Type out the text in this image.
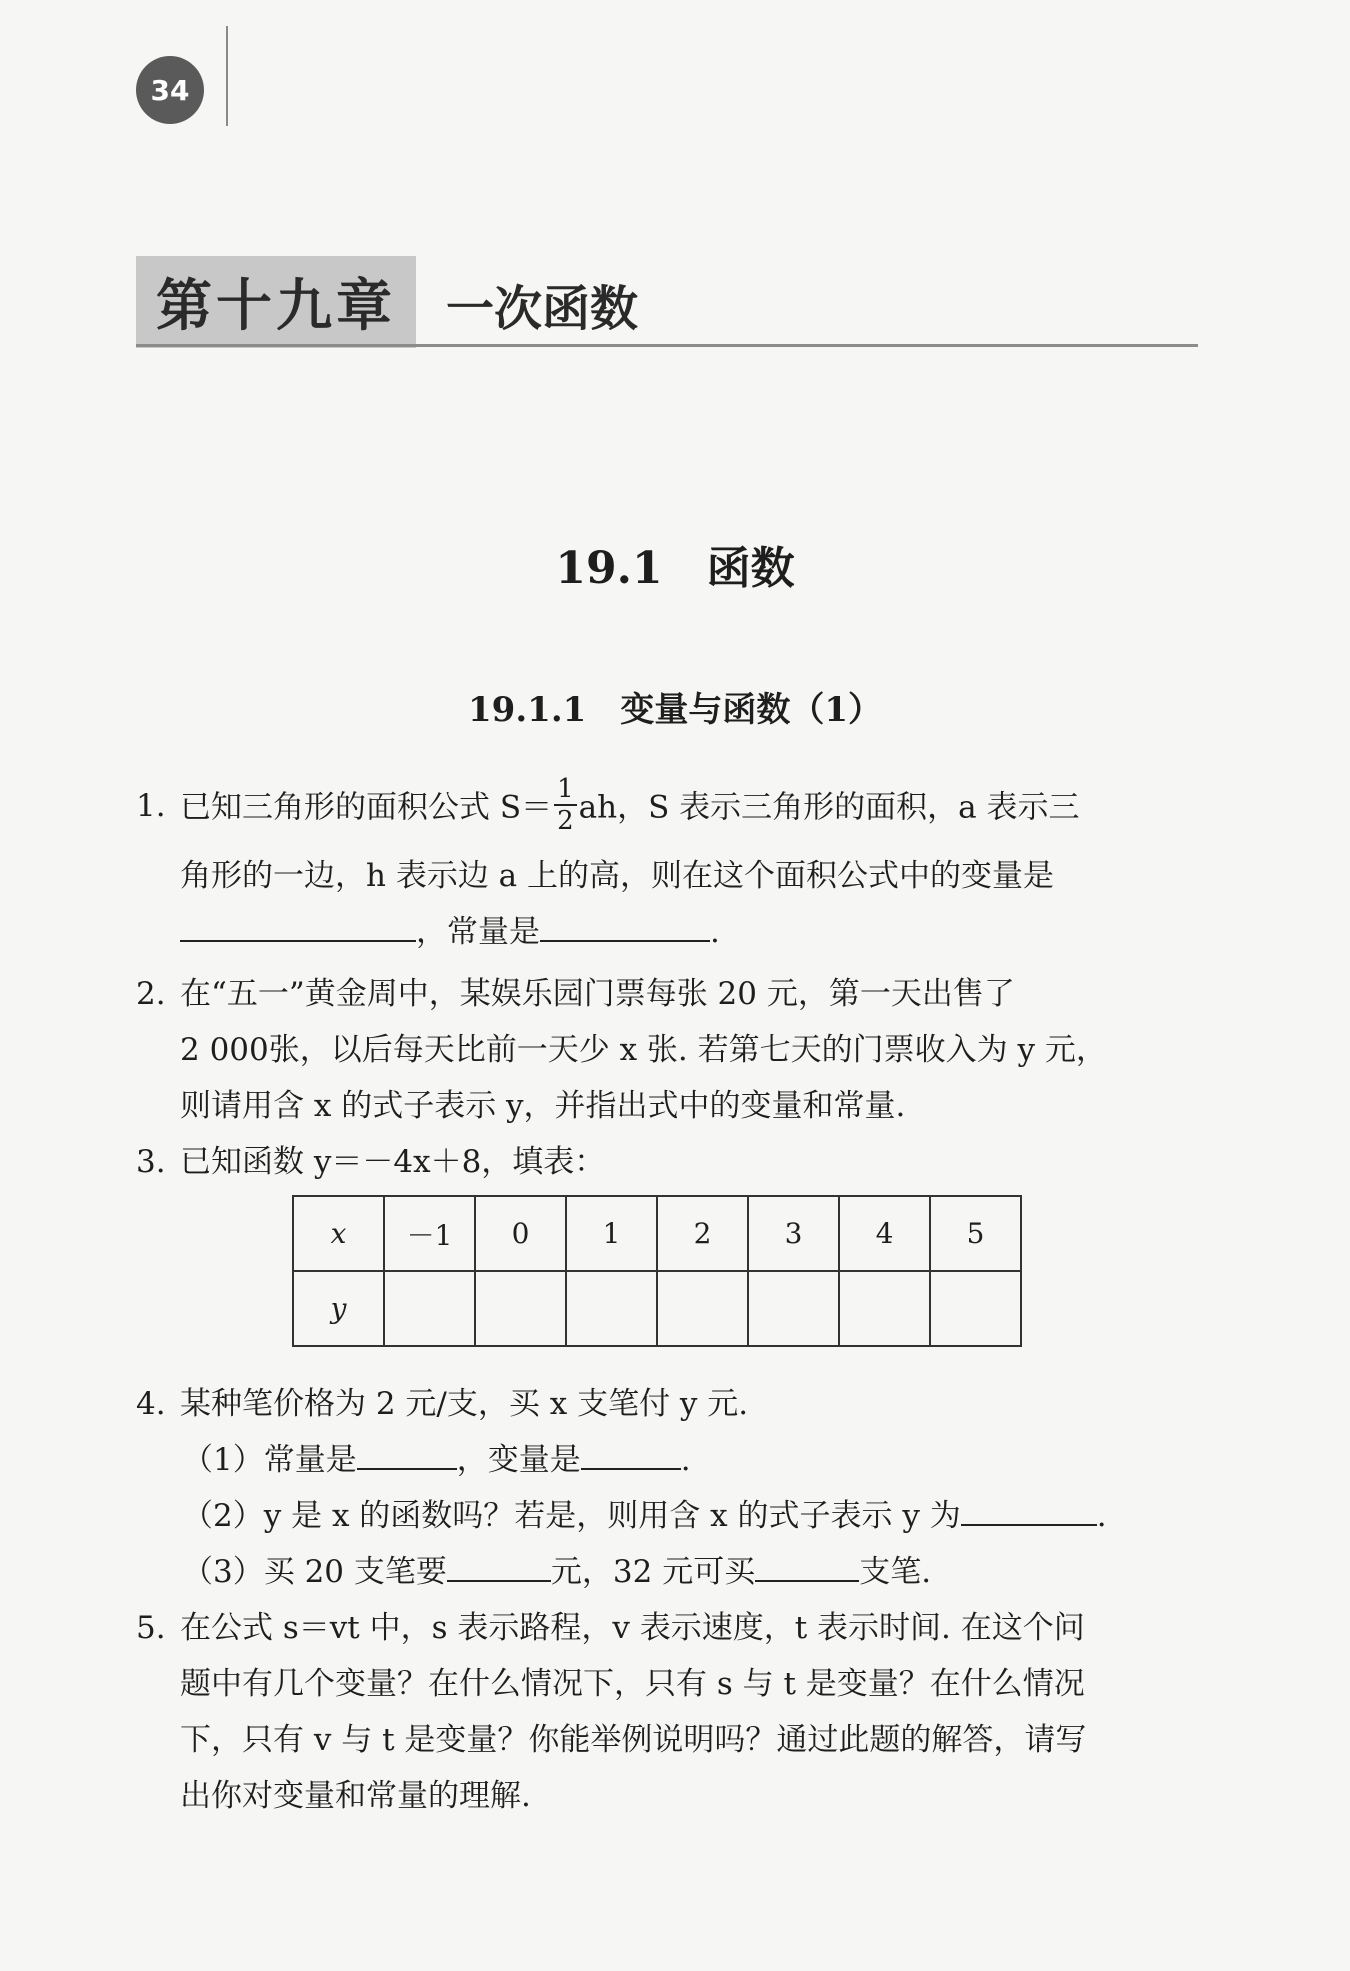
34
第十九章	一次函数
19.1　函数
19.1.1　变量与函数（1）
1. 已知三角形的面积公式 $S= \frac{1}{2}$ ah，S 表示三角形的面积，a 表示三
角形的一边，h 表示边 a 上的高，则在这个面积公式中的变量是
，常量是	.
2. 在“五一”黄金周中，某娱乐园门票每张 20 元，第一天出售了
2 000张，以后每天比前一天少 x 张. 若第七天的门票收入为 y 元，
则请用含 x 的式子表示 y，并指出式中的变量和常量.
3. 已知函数 y＝－4x＋8，填表：
x	－1	0	1	2	3	4	5
y							
4. 某种笔价格为 2 元/支，买 x 支笔付 y 元.
（1）常量是	，变量是	.
（2）y 是 x 的函数吗？若是，则用含 x 的式子表示 y 为	.
（3）买 20 支笔要	元，32 元可买	支笔.
5. 在公式 s＝vt 中，s 表示路程，v 表示速度，t 表示时间. 在这个问
题中有几个变量？在什么情况下，只有 s 与 t 是变量？在什么情况
下，只有 v 与 t 是变量？你能举例说明吗？通过此题的解答，请写
出你对变量和常量的理解.
